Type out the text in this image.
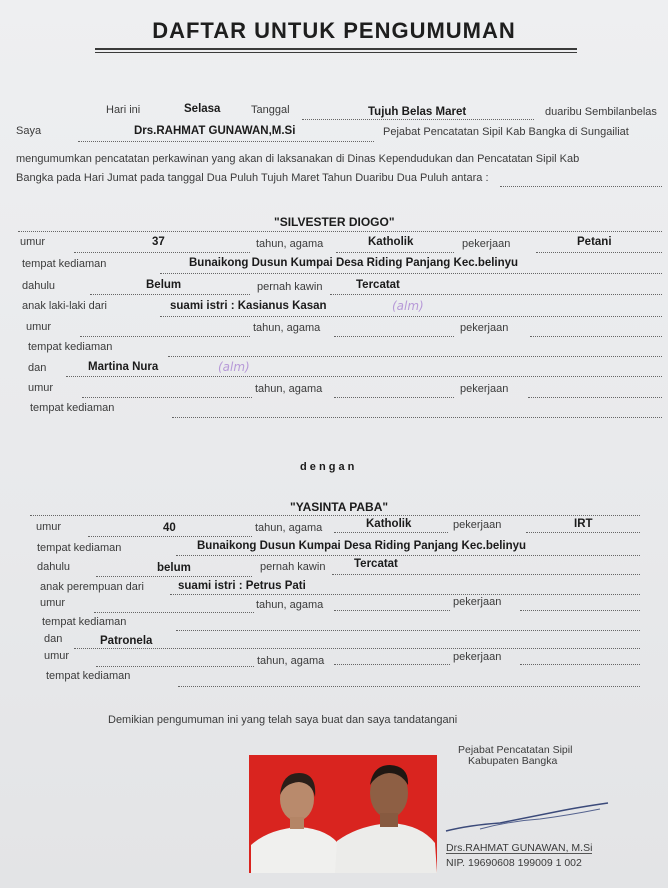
DAFTAR UNTUK PENGUMUMAN
Hari ini	Selasa	Tanggal	Tujuh Belas Maret	duaribu Sembilanbelas
Saya	Drs.RAHMAT GUNAWAN,M.Si	Pejabat Pencatatan Sipil Kab Bangka di Sungailiat
mengumumkan pencatatan perkawinan yang akan di laksanakan di Dinas Kependudukan dan Pencatatan Sipil Kab
Bangka pada Hari Jumat pada tanggal Dua Puluh Tujuh Maret Tahun Duaribu Dua Puluh antara :
"SILVESTER DIOGO"
umur	37	tahun, agama	Katholik	pekerjaan	Petani
tempat kediaman	Bunaikong Dusun Kumpai Desa Riding Panjang Kec.belinyu
dahulu	Belum	pernah kawin	Tercatat
anak laki-laki dari	suami istri : Kasianus Kasan	(alm)
umur	tahun, agama	pekerjaan
tempat kediaman
dan	Martina Nura	(alm)
umur	tahun, agama	pekerjaan
tempat kediaman
d e n g a n
"YASINTA PABA"
umur	40	tahun, agama	Katholik	pekerjaan	IRT
tempat kediaman	Bunaikong Dusun Kumpai Desa Riding Panjang Kec.belinyu
dahulu	belum	pernah kawin Tercatat
anak perempuan dari	suami istri : Petrus Pati
umur	tahun, agama	pekerjaan
tempat kediaman
dan	Patronela
umur	tahun, agama	pekerjaan
tempat kediaman
Demikian pengumuman ini yang telah saya buat dan saya tandatangani
Pejabat Pencatatan Sipil
Kabupaten Bangka
Drs.RAHMAT GUNAWAN, M.Si
NIP. 19690608 199009 1 002
